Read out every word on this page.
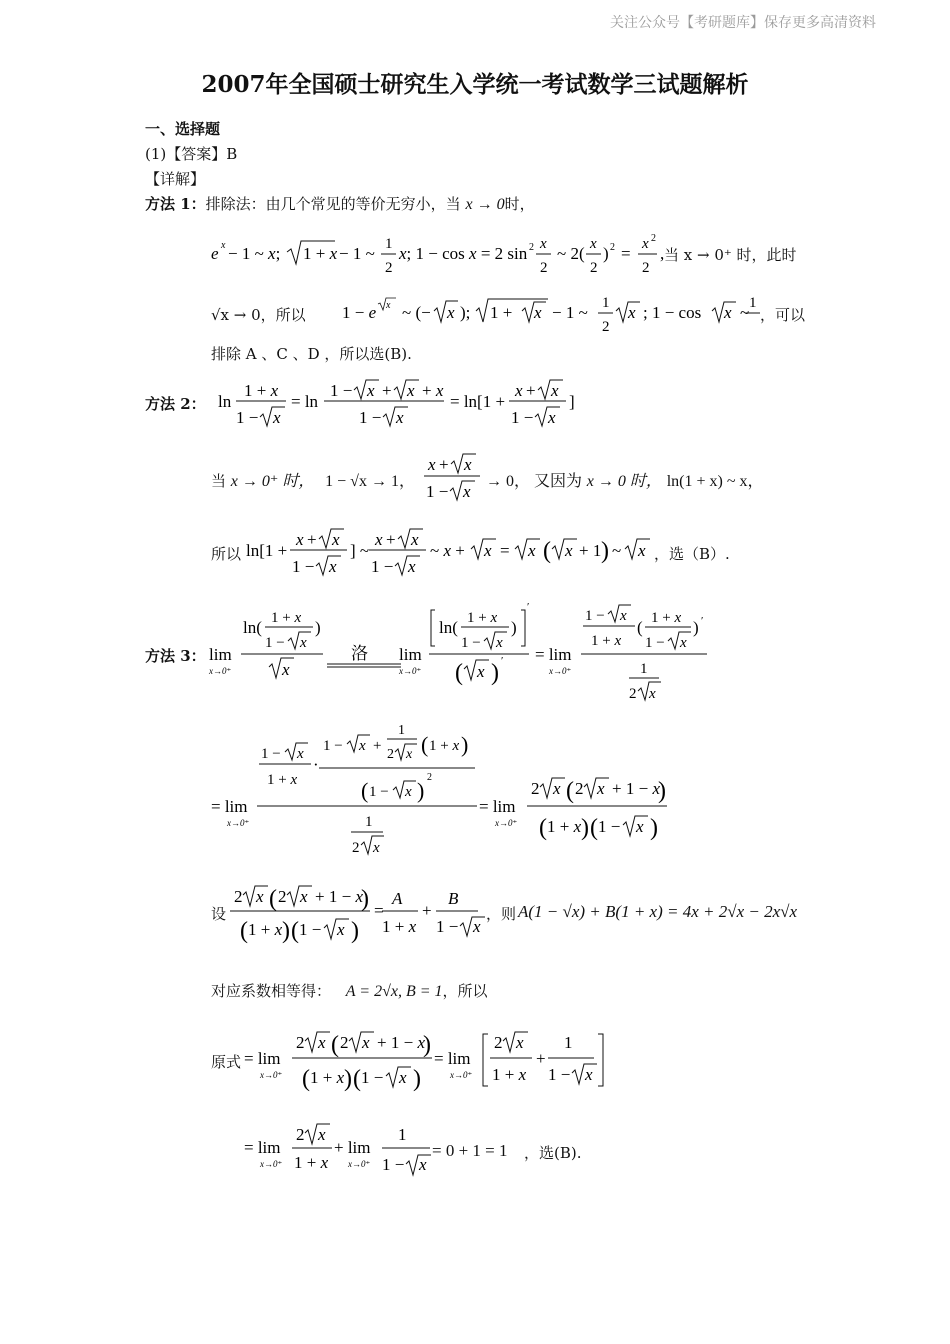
关注公众号【考研题库】保存更多高清资料
2007年全国硕士研究生入学统一考试数学三试题解析
一、选择题
(1)【答案】B
【详解】
方法 1：排除法：由几个常见的等价无穷小，当 x → 0时，
e x − 1 ~ x; 1 + x − 1 ~ 1
2
x; 1 − cos x = 2 sin 2 x
2
~ 2( x
2
) 2 = x 2
2
, 当 x → 0⁺ 时，此时
√x → 0，所以 1 − e x ~ (− x ); 1 + x − 1 ~ 1
2
x ; 1 − cos x ~ 1
，可以
排除 A 、C 、D ，所以选(B).
方法 2： ln
1 + x
1 − x
= ln
1 − x + x + x
1 − x
= ln[1 +
x + x
1 − x
]
当 x → 0⁺ 时， 1 − √x → 1，
x + x
1 − x
→ 0， 又因为 x → 0 时， ln(1 + x) ~ x，
所以 ln[1 +
x + x
1 − x
] ~
x + x
1 − x
~ x + x = x ( x + 1 ) ~ x ，选（B）.
方法 3： lim
x→0⁺
ln( 1 + x
1 − x
)
x
洛 lim
x→0⁺
ln( 1 + x
1 − x
)
′
( x ) ′ = lim
x→0⁺
1 − x
1 + x
( 1 + x
1 − x
) ′
1
2 x
1 − x
1 + x
·
1 − x +
1
2 x ( 1 + x )
( 1 − x )
2
= lim
x→0⁺	1
2 x
= lim
x→0⁺
2 x ( 2 x + 1 − x
)
( 1 + x ) ( 1 − x )
设
2 x ( 2 x + 1 − x
)
( 1 + x ) ( 1 − x )
=
A
1 + x
+
B
1 − x
，则 A(1 − √x) + B(1 + x) = 4x + 2√x − 2x√x
对应系数相等得： A = 2√x, B = 1，所以
原式 = lim
x→0⁺
2 x ( 2 x + 1 − x
)
( 1 + x ) ( 1 − x )
= lim
x→0⁺
2 x
1 + x
+
1
1 − x
= lim
x→0⁺
2 x
1 + x
+ lim
x→0⁺
1
1 − x
= 0 + 1 = 1 ，选(B).
